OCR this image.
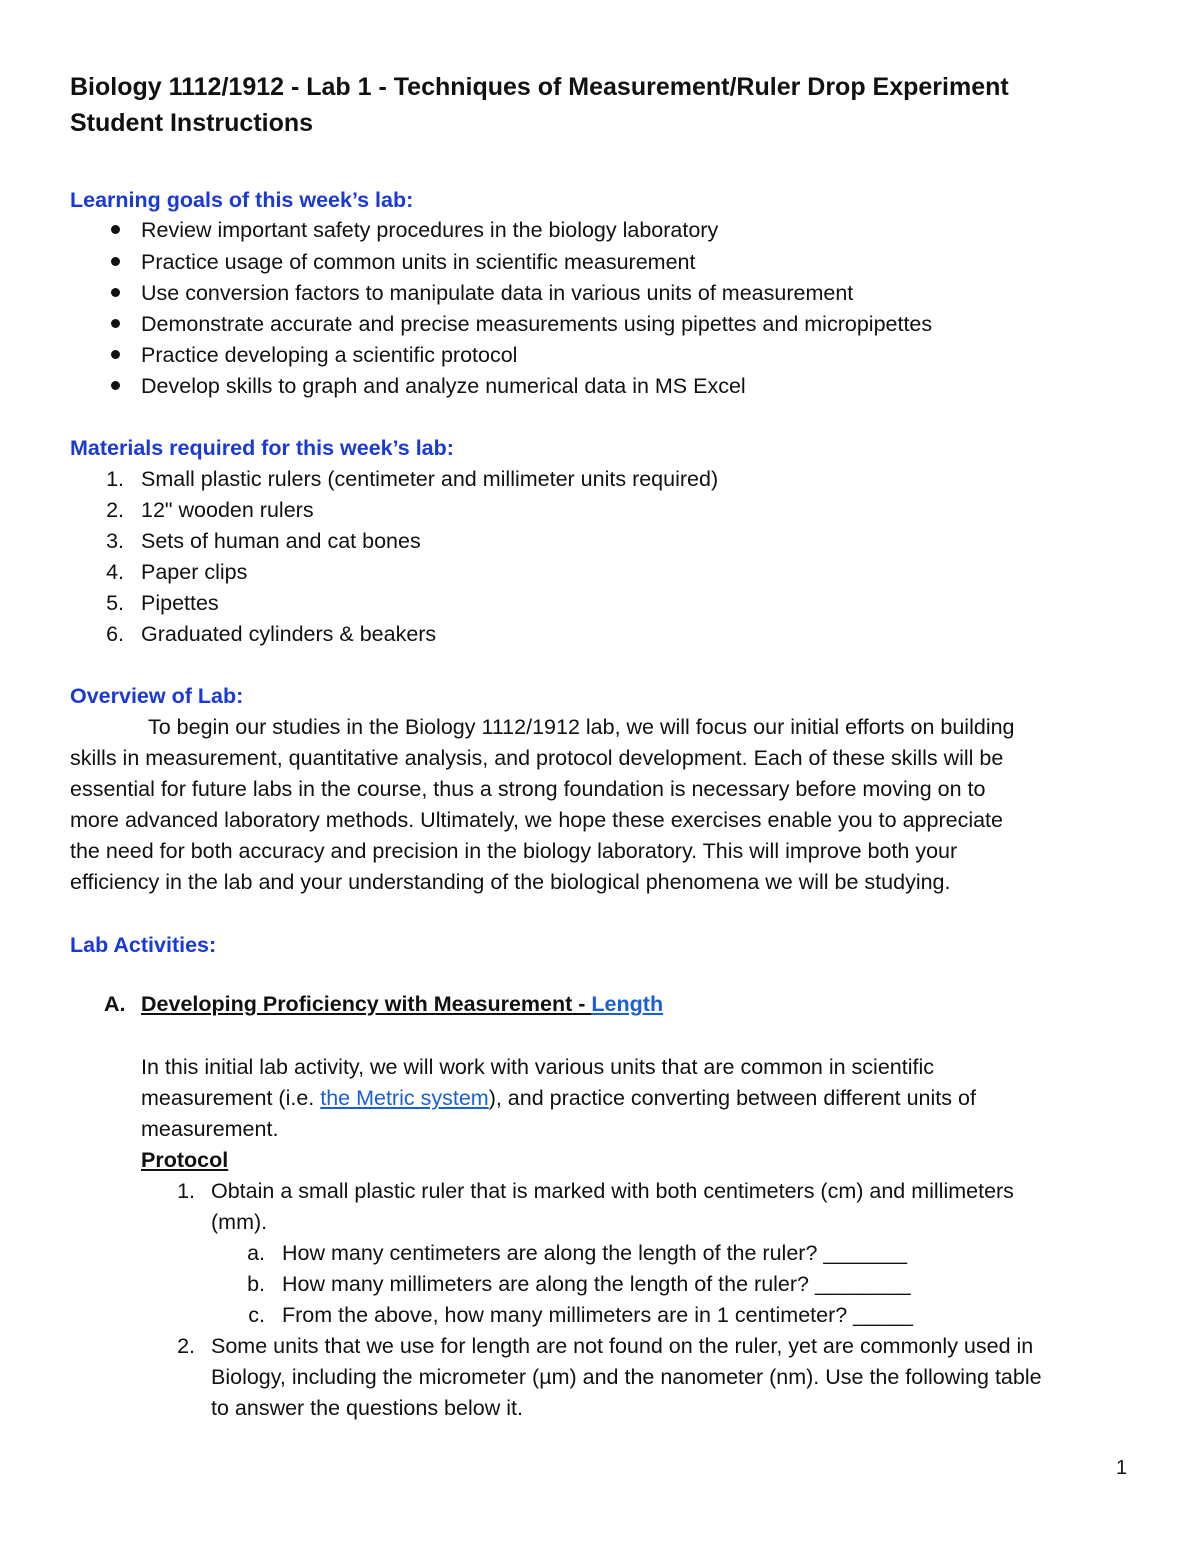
Biology 1112/1912 - Lab 1 - Techniques of Measurement/Ruler Drop Experiment
Student Instructions
Learning goals of this week’s lab:
Review important safety procedures in the biology laboratory
Practice usage of common units in scientific measurement
Use conversion factors to manipulate data in various units of measurement
Demonstrate accurate and precise measurements using pipettes and micropipettes
Practice developing a scientific protocol
Develop skills to graph and analyze numerical data in MS Excel
Materials required for this week’s lab:
1. Small plastic rulers (centimeter and millimeter units required)
2. 12" wooden rulers
3. Sets of human and cat bones
4. Paper clips
5. Pipettes
6. Graduated cylinders & beakers
Overview of Lab:
To begin our studies in the Biology 1112/1912 lab, we will focus our initial efforts on building
skills in measurement, quantitative analysis, and protocol development. Each of these skills will be
essential for future labs in the course, thus a strong foundation is necessary before moving on to
more advanced laboratory methods. Ultimately, we hope these exercises enable you to appreciate
the need for both accuracy and precision in the biology laboratory. This will improve both your
efficiency in the lab and your understanding of the biological phenomena we will be studying.
Lab Activities:
A. Developing Proficiency with Measurement - Length
In this initial lab activity, we will work with various units that are common in scientific
measurement (i.e. the Metric system), and practice converting between different units of
measurement.
Protocol
1. Obtain a small plastic ruler that is marked with both centimeters (cm) and millimeters
(mm).
a. How many centimeters are along the length of the ruler? _______
b. How many millimeters are along the length of the ruler? ________
c. From the above, how many millimeters are in 1 centimeter? _____
2. Some units that we use for length are not found on the ruler, yet are commonly used in
Biology, including the micrometer (µm) and the nanometer (nm). Use the following table
to answer the questions below it.
1
